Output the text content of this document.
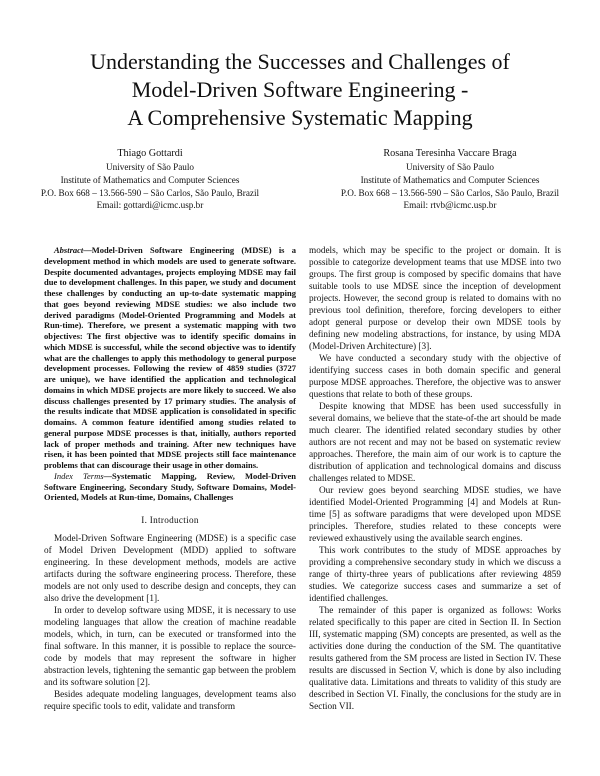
Understanding the Successes and Challenges of
Model-Driven Software Engineering -
A Comprehensive Systematic Mapping
Thiago Gottardi
University of São Paulo
Institute of Mathematics and Computer Sciences
P.O. Box 668 – 13.566-590 – São Carlos, São Paulo, Brazil
Email: gottardi@icmc.usp.br
Rosana Teresinha Vaccare Braga
University of São Paulo
Institute of Mathematics and Computer Sciences
P.O. Box 668 – 13.566-590 – São Carlos, São Paulo, Brazil
Email: rtvb@icmc.usp.br
Abstract—Model-Driven Software Engineering (MDSE) is a development method in which models are used to generate software. Despite documented advantages, projects employing MDSE may fail due to development challenges. In this paper, we study and document these challenges by conducting an up-to-date systematic mapping that goes beyond reviewing MDSE studies: we also include two derived paradigms (Model-Oriented Programming and Models at Run-time). Therefore, we present a systematic mapping with two objectives: The first objective was to identify specific domains in which MDSE is successful, while the second objective was to identify what are the challenges to apply this methodology to general purpose development processes. Following the review of 4859 studies (3727 are unique), we have identified the application and technological domains in which MDSE projects are more likely to succeed. We also discuss challenges presented by 17 primary studies. The analysis of the results indicate that MDSE application is consolidated in specific domains. A common feature identified among studies related to general purpose MDSE processes is that, initially, authors reported lack of proper methods and training. After new techniques have risen, it has been pointed that MDSE projects still face maintenance problems that can discourage their usage in other domains.
Index Terms—Systematic Mapping, Review, Model-Driven Software Engineering, Secondary Study, Software Domains, Model-Oriented, Models at Run-time, Domains, Challenges
I. Introduction

Model-Driven Software Engineering (MDSE) is a specific case of Model Driven Development (MDD) applied to software engineering. In these development methods, models are active artifacts during the software engineering process. Therefore, these models are not only used to describe design and concepts, they can also drive the development [1].

In order to develop software using MDSE, it is necessary to use modeling languages that allow the creation of machine readable models, which, in turn, can be executed or transformed into the final software. In this manner, it is possible to replace the source-code by models that may represent the software in higher abstraction levels, tightening the semantic gap between the problem and its software solution [2].

Besides adequate modeling languages, development teams also require specific tools to edit, validate and transform

models, which may be specific to the project or domain. It is possible to categorize development teams that use MDSE into two groups. The first group is composed by specific domains that have suitable tools to use MDSE since the inception of development projects. However, the second group is related to domains with no previous tool definition, therefore, forcing developers to either adopt general purpose or develop their own MDSE tools by defining new modeling abstractions, for instance, by using MDA (Model-Driven Architecture) [3].

We have conducted a secondary study with the objective of identifying success cases in both domain specific and general purpose MDSE approaches. Therefore, the objective was to answer questions that relate to both of these groups.

Despite knowing that MDSE has been used successfully in several domains, we believe that the state-of-the art should be made much clearer. The identified related secondary studies by other authors are not recent and may not be based on systematic review approaches. Therefore, the main aim of our work is to capture the distribution of application and technological domains and discuss challenges related to MDSE.

Our review goes beyond searching MDSE studies, we have identified Model-Oriented Programming [4] and Models at Run-time [5] as software paradigms that were developed upon MDSE principles. Therefore, studies related to these concepts were reviewed exhaustively using the available search engines.

This work contributes to the study of MDSE approaches by providing a comprehensive secondary study in which we discuss a range of thirty-three years of publications after reviewing 4859 studies. We categorize success cases and summarize a set of identified challenges.

The remainder of this paper is organized as follows: Works related specifically to this paper are cited in Section II. In Section III, systematic mapping (SM) concepts are presented, as well as the activities done during the conduction of the SM. The quantitative results gathered from the SM process are listed in Section IV. These results are discussed in Section V, which is done by also including qualitative data. Limitations and threats to validity of this study are described in Section VI. Finally, the conclusions for the study are in Section VII.
